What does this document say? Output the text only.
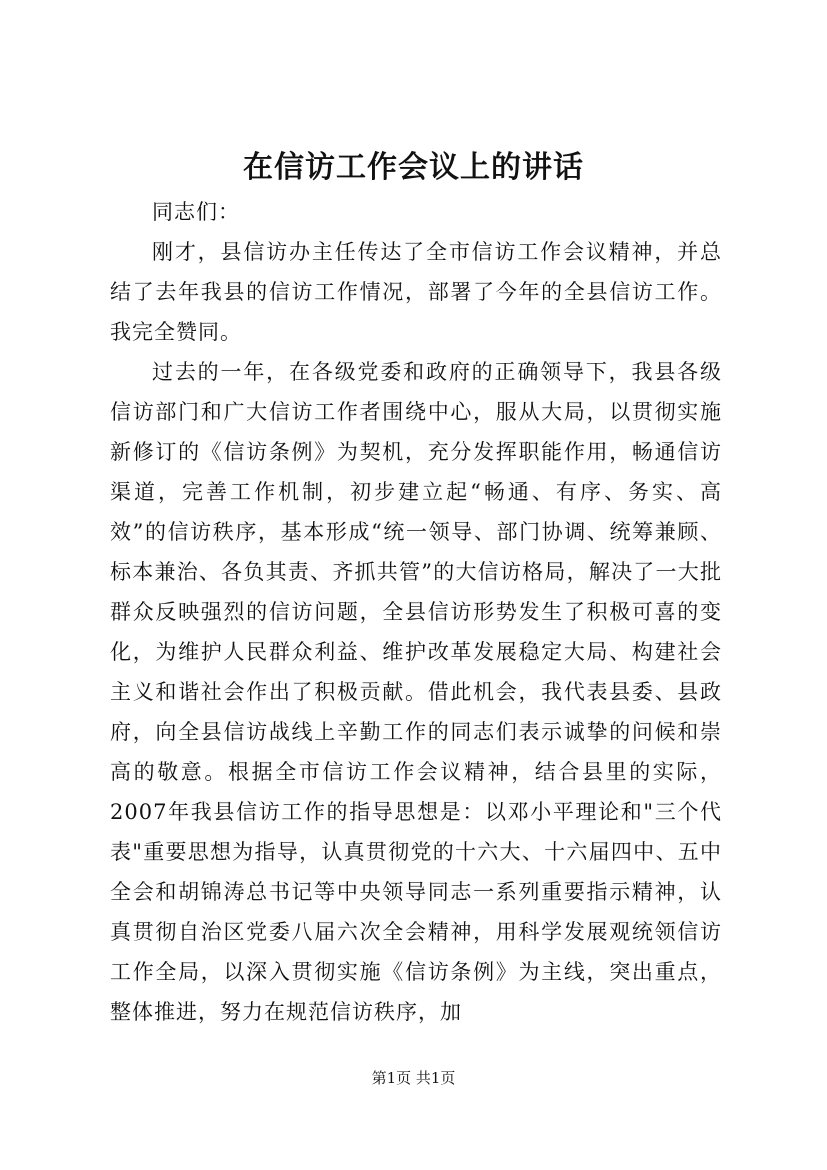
在信访工作会议上的讲话

同志们：

刚才，县信访办主任传达了全市信访工作会议精神，并总结了去年我县的信访工作情况，部署了今年的全县信访工作。我完全赞同。

过去的一年，在各级党委和政府的正确领导下，我县各级信访部门和广大信访工作者围绕中心，服从大局，以贯彻实施新修订的《信访条例》为契机，充分发挥职能作用，畅通信访渠道，完善工作机制，初步建立起“畅通、有序、务实、高效”的信访秩序，基本形成“统一领导、部门协调、统筹兼顾、标本兼治、各负其责、齐抓共管”的大信访格局，解决了一大批群众反映强烈的信访问题，全县信访形势发生了积极可喜的变化，为维护人民群众利益、维护改革发展稳定大局、构建社会主义和谐社会作出了积极贡献。借此机会，我代表县委、县政府，向全县信访战线上辛勤工作的同志们表示诚挚的问候和崇高的敬意。根据全市信访工作会议精神，结合县里的实际，2007年我县信访工作的指导思想是：以邓小平理论和"三个代表"重要思想为指导，认真贯彻党的十六大、十六届四中、五中全会和胡锦涛总书记等中央领导同志一系列重要指示精神，认真贯彻自治区党委八届六次全会精神，用科学发展观统领信访工作全局，以深入贯彻实施《信访条例》为主线，突出重点，整体推进，努力在规范信访秩序，加

第1页 共1页
